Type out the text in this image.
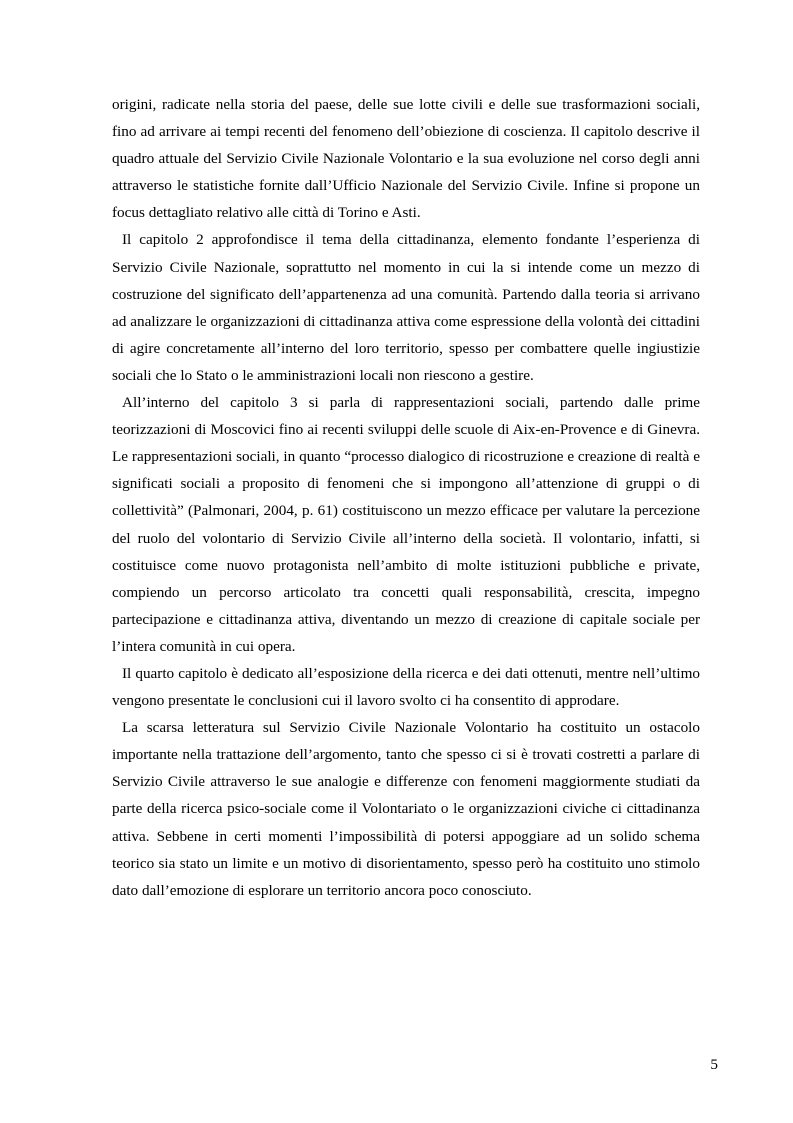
origini, radicate nella storia del paese, delle sue lotte civili e delle sue trasformazioni sociali, fino ad arrivare ai tempi recenti del fenomeno dell’obiezione di coscienza. Il capitolo descrive il quadro attuale del Servizio Civile Nazionale Volontario e la sua evoluzione nel corso degli anni attraverso le statistiche fornite dall’Ufficio Nazionale del Servizio Civile. Infine si propone un focus dettagliato relativo alle città di Torino e Asti.

Il capitolo 2 approfondisce il tema della cittadinanza, elemento fondante l’esperienza di Servizio Civile Nazionale, soprattutto nel momento in cui la si intende come un mezzo di costruzione del significato dell’appartenenza ad una comunità. Partendo dalla teoria si arrivano ad analizzare le organizzazioni di cittadinanza attiva come espressione della volontà dei cittadini di agire concretamente all’interno del loro territorio, spesso per combattere quelle ingiustizie sociali che lo Stato o le amministrazioni locali non riescono a gestire.

All’interno del capitolo 3 si parla di rappresentazioni sociali, partendo dalle prime teorizzazioni di Moscovici fino ai recenti sviluppi delle scuole di Aix-en-Provence e di Ginevra. Le rappresentazioni sociali, in quanto “processo dialogico di ricostruzione e creazione di realtà e significati sociali a proposito di fenomeni che si impongono all’attenzione di gruppi o di collettività” (Palmonari, 2004, p. 61) costituiscono un mezzo efficace per valutare la percezione del ruolo del volontario di Servizio Civile all’interno della società. Il volontario, infatti, si costituisce come nuovo protagonista nell’ambito di molte istituzioni pubbliche e private, compiendo un percorso articolato tra concetti quali responsabilità, crescita, impegno partecipazione e cittadinanza attiva, diventando un mezzo di creazione di capitale sociale per l’intera comunità in cui opera.

Il quarto capitolo è dedicato all’esposizione della ricerca e dei dati ottenuti, mentre nell’ultimo vengono presentate le conclusioni cui il lavoro svolto ci ha consentito di approdare.

La scarsa letteratura sul Servizio Civile Nazionale Volontario ha costituito un ostacolo importante nella trattazione dell’argomento, tanto che spesso ci si è trovati costretti a parlare di Servizio Civile attraverso le sue analogie e differenze con fenomeni maggiormente studiati da parte della ricerca psico-sociale come il Volontariato o le organizzazioni civiche ci cittadinanza attiva. Sebbene in certi momenti l’impossibilità di potersi appoggiare ad un solido schema teorico sia stato un limite e un motivo di disorientamento, spesso però ha costituito uno stimolo dato dall’emozione di esplorare un territorio ancora poco conosciuto.

5
